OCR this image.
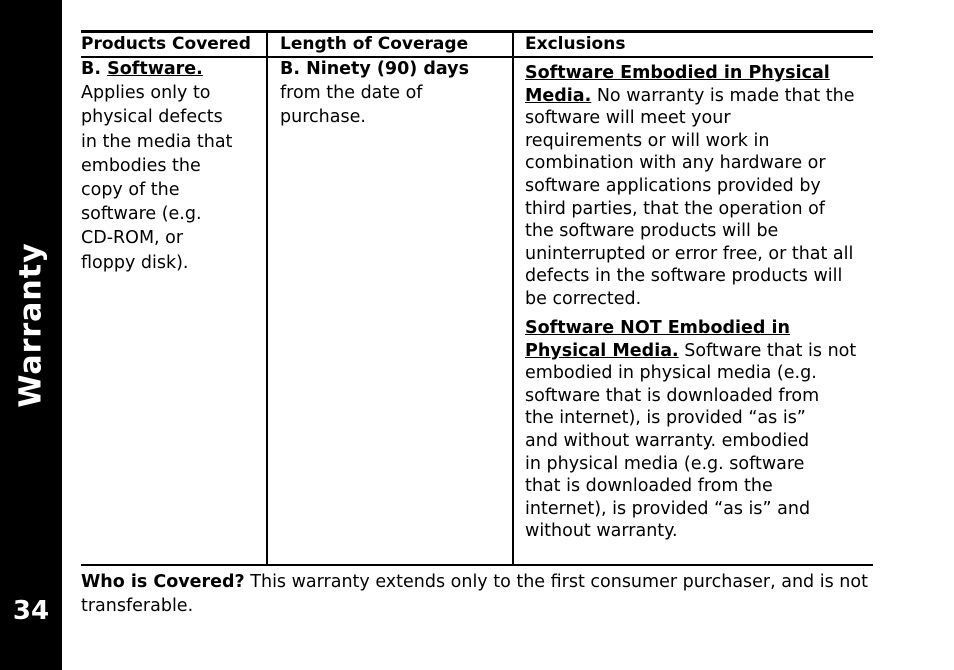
Warranty
34
Products Covered Length of Coverage	Exclusions
B. Software.
Applies only to
physical defects
in the media that
embodies the
copy of the
software (e.g.
CD-ROM, or
floppy disk).
B. Ninety (90) days
from the date of
purchase.
Software Embodied in Physical
Media. No warranty is made that the
software will meet your
requirements or will work in
combination with any hardware or
software applications provided by
third parties, that the operation of
the software products will be
uninterrupted or error free, or that all
defects in the software products will
be corrected.
Software NOT Embodied in
Physical Media. Software that is not
embodied in physical media (e.g.
software that is downloaded from
the internet), is provided “as is”
and without warranty. embodied
in physical media (e.g. software
that is downloaded from the
internet), is provided “as is” and
without warranty.
Who is Covered? This warranty extends only to the first consumer purchaser, and is not transferable.
